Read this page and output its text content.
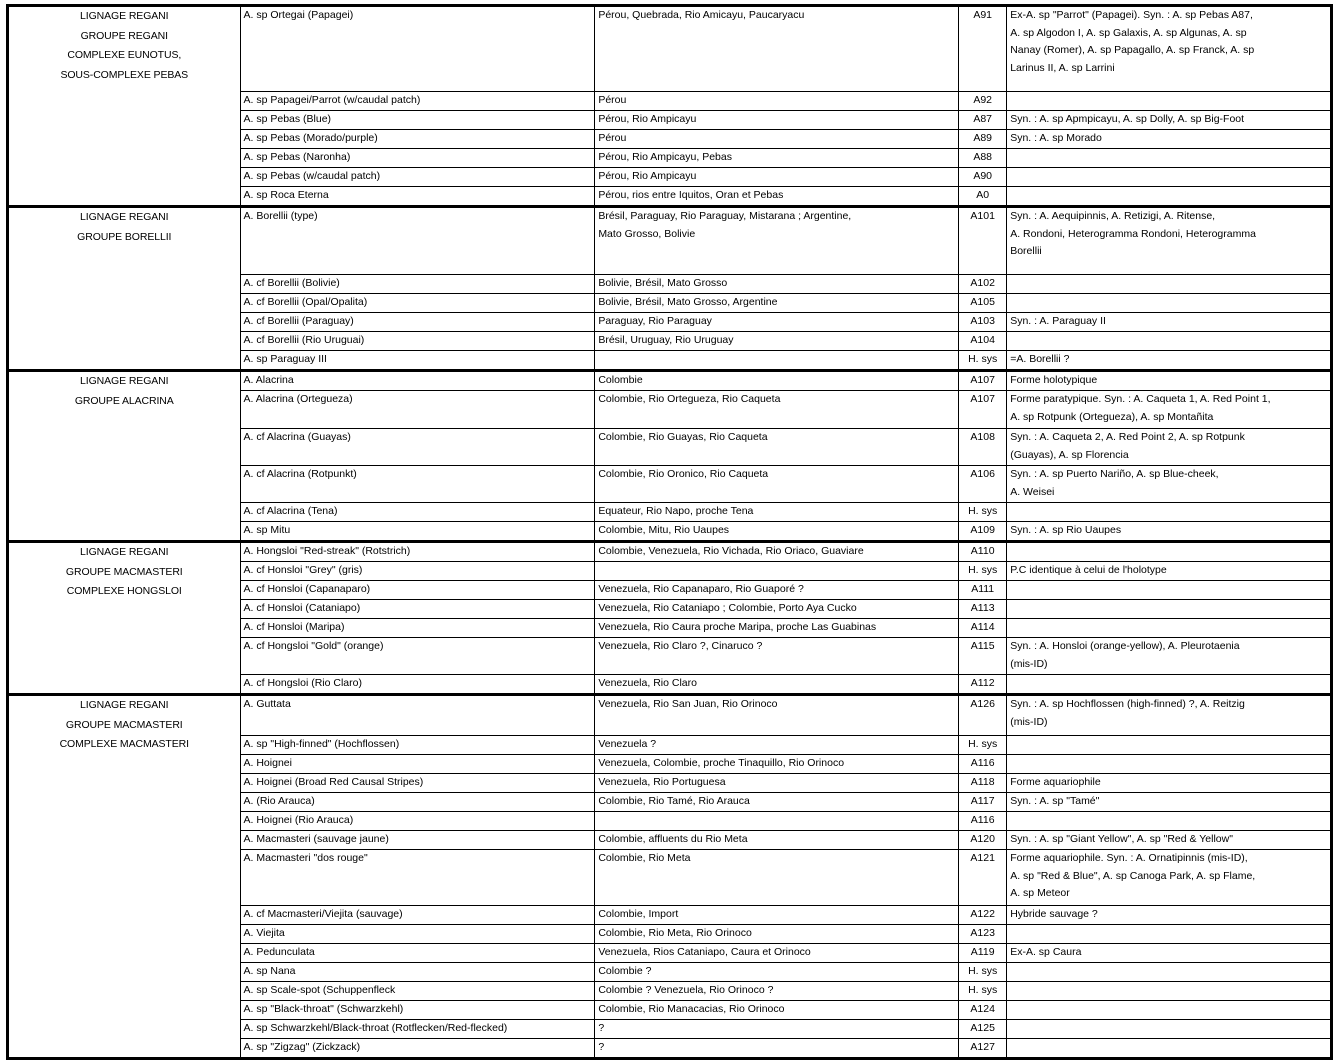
LIGNAGE REGANI
GROUPE REGANI
COMPLEXE EUNOTUS,
SOUS-COMPLEXE PEBAS	A. sp Ortegai (Papagei)	Pérou, Quebrada, Rio Amicayu, Paucaryacu	A91	Ex-A. sp "Parrot" (Papagei). Syn. : A. sp Pebas A87,
A. sp Algodon I, A. sp Galaxis, A. sp Algunas, A. sp
Nanay (Romer), A. sp Papagallo, A. sp Franck, A. sp
Larinus II, A. sp Larrini

	A. sp Papagei/Parrot (w/caudal patch)	Pérou	A92	

	A. sp Pebas (Blue)	Pérou, Rio Ampicayu	A87	Syn. : A. sp Apmpicayu, A. sp Dolly, A. sp Big-Foot

	A. sp Pebas (Morado/purple)	Pérou	A89	Syn. : A. sp Morado

	A. sp Pebas (Naronha)	Pérou, Rio Ampicayu, Pebas	A88	

	A. sp Pebas (w/caudal patch)	Pérou, Rio Ampicayu	A90	

	A. sp Roca Eterna	Pérou, rios entre Iquitos, Oran et Pebas	A0	

LIGNAGE REGANI
GROUPE BORELLII	A. Borellii (type)	Brésil, Paraguay, Rio Paraguay, Mistarana ; Argentine,
Mato Grosso, Bolivie	A101	Syn. : A. Aequipinnis, A. Retizigi, A. Ritense,
A. Rondoni, Heterogramma Rondoni, Heterogramma
Borellii

	A. cf Borellii (Bolivie)	Bolivie, Brésil, Mato Grosso	A102	

	A. cf Borellii (Opal/Opalita)	Bolivie, Brésil, Mato Grosso, Argentine	A105	

	A. cf Borellii (Paraguay)	Paraguay, Rio Paraguay	A103	Syn. : A. Paraguay II

	A. cf Borellii (Rio Uruguai)	Brésil, Uruguay, Rio Uruguay	A104	

	A. sp Paraguay III		H. sys	=A. Borellii ?

LIGNAGE REGANI
GROUPE ALACRINA	A. Alacrina	Colombie	A107	Forme holotypique

	A. Alacrina (Ortegueza)	Colombie, Rio Ortegueza, Rio Caqueta	A107	Forme paratypique. Syn. : A. Caqueta 1, A. Red Point 1,
A. sp Rotpunk (Ortegueza), A. sp Montañita

	A. cf Alacrina (Guayas)	Colombie, Rio Guayas, Rio Caqueta	A108	Syn. : A. Caqueta 2, A. Red Point 2, A. sp Rotpunk
(Guayas), A. sp Florencia

	A. cf Alacrina (Rotpunkt)	Colombie, Rio Oronico, Rio Caqueta	A106	Syn. : A. sp Puerto Nariño, A. sp Blue-cheek,
A. Weisei

	A. cf Alacrina (Tena)	Equateur, Rio Napo, proche Tena	H. sys	

	A. sp Mitu	Colombie, Mitu, Rio Uaupes	A109	Syn. : A. sp Rio Uaupes

LIGNAGE REGANI
GROUPE MACMASTERI
COMPLEXE HONGSLOI	A. Hongsloi "Red-streak" (Rotstrich)	Colombie, Venezuela, Rio Vichada, Rio Oriaco, Guaviare	A110	

	A. cf Honsloi "Grey" (gris)		H. sys	P.C identique à celui de l'holotype

	A. cf Honsloi (Capanaparo)	Venezuela, Rio Capanaparo, Rio Guaporé ?	A111	

	A. cf Honsloi (Cataniapo)	Venezuela, Rio Cataniapo ; Colombie, Porto Aya Cucko	A113	

	A. cf Honsloi (Maripa)	Venezuela, Rio Caura proche Maripa, proche Las Guabinas	A114	

	A. cf Hongsloi "Gold" (orange)	Venezuela, Rio Claro ?, Cinaruco ?	A115	Syn. : A. Honsloi (orange-yellow), A. Pleurotaenia
(mis-ID)

	A. cf Hongsloi (Rio Claro)	Venezuela, Rio Claro	A112	

LIGNAGE REGANI
GROUPE MACMASTERI
COMPLEXE MACMASTERI	A. Guttata	Venezuela, Rio San Juan, Rio Orinoco	A126	Syn. : A. sp Hochflossen (high-finned) ?, A. Reitzig
(mis-ID)

	A. sp "High-finned" (Hochflossen)	Venezuela ?	H. sys	

	A. Hoignei	Venezuela, Colombie, proche Tinaquillo, Rio Orinoco	A116	

	A. Hoignei (Broad Red Causal Stripes)	Venezuela, Rio Portuguesa	A118	Forme aquariophile

	A. (Rio Arauca)	Colombie, Rio Tamé, Rio Arauca	A117	Syn. : A. sp "Tamé"

	A. Hoignei (Rio Arauca)		A116	

	A. Macmasteri (sauvage jaune)	Colombie, affluents du Rio Meta	A120	Syn. : A. sp "Giant Yellow", A. sp "Red & Yellow"

	A. Macmasteri "dos rouge"	Colombie, Rio Meta	A121	Forme aquariophile. Syn. : A. Ornatipinnis (mis-ID),
A. sp "Red & Blue", A. sp Canoga Park, A. sp Flame,
A. sp Meteor

	A. cf Macmasteri/Viejita (sauvage)	Colombie, Import	A122	Hybride sauvage ?

	A. Viejita	Colombie, Rio Meta, Rio Orinoco	A123	

	A. Pedunculata	Venezuela, Rios Cataniapo, Caura et Orinoco	A119	Ex-A. sp Caura

	A. sp Nana	Colombie ?	H. sys	

	A. sp Scale-spot (Schuppenfleck	Colombie ? Venezuela, Rio Orinoco ?	H. sys	

	A. sp "Black-throat" (Schwarzkehl)	Colombie, Rio Manacacias, Rio Orinoco	A124	

	A. sp Schwarzkehl/Black-throat (Rotflecken/Red-flecked)	?	A125	

	A. sp "Zigzag" (Zickzack)	?	A127	
